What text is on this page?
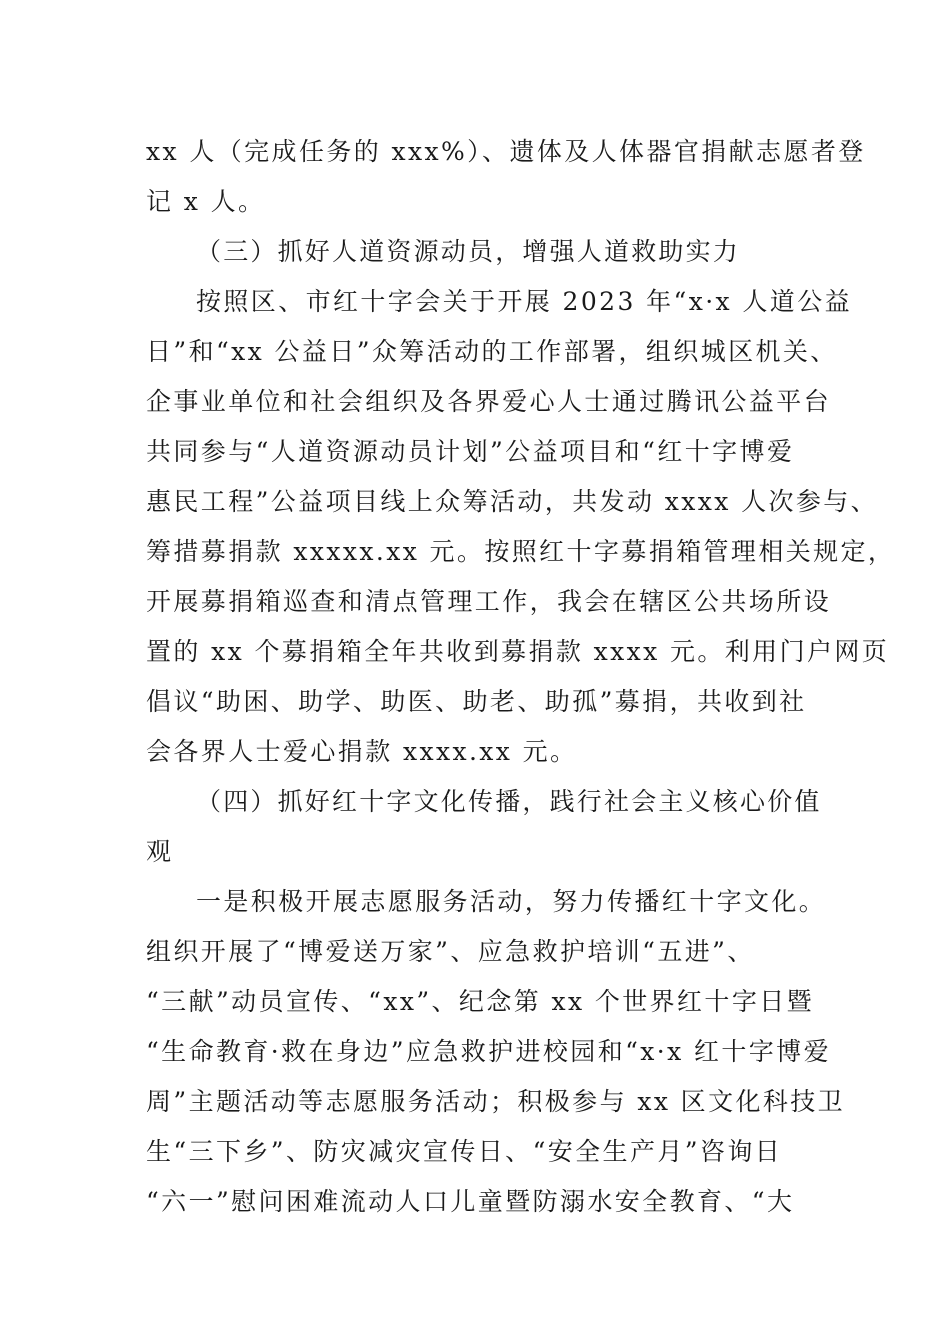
xx 人（完成任务的 xxx%）、遗体及人体器官捐献志愿者登
记 x 人。
（三）抓好人道资源动员，增强人道救助实力
按照区、市红十字会关于开展 2023 年“x·x 人道公益
日”和“xx 公益日”众筹活动的工作部署，组织城区机关、
企事业单位和社会组织及各界爱心人士通过腾讯公益平台
共同参与“人道资源动员计划”公益项目和“红十字博爱
惠民工程”公益项目线上众筹活动，共发动 xxxx 人次参与、
筹措募捐款 xxxxx.xx 元。按照红十字募捐箱管理相关规定，
开展募捐箱巡查和清点管理工作，我会在辖区公共场所设
置的 xx 个募捐箱全年共收到募捐款 xxxx 元。利用门户网页
倡议“助困、助学、助医、助老、助孤”募捐，共收到社
会各界人士爱心捐款 xxxx.xx 元。
（四）抓好红十字文化传播，践行社会主义核心价值
观
一是积极开展志愿服务活动，努力传播红十字文化。
组织开展了“博爱送万家”、应急救护培训“五进”、
“三献”动员宣传、“xx”、纪念第 xx 个世界红十字日暨
“生命教育·救在身边”应急救护进校园和“x·x 红十字博爱
周”主题活动等志愿服务活动；积极参与 xx 区文化科技卫
生“三下乡”、防灾减灾宣传日、“安全生产月”咨询日
“六一”慰问困难流动人口儿童暨防溺水安全教育、“大
